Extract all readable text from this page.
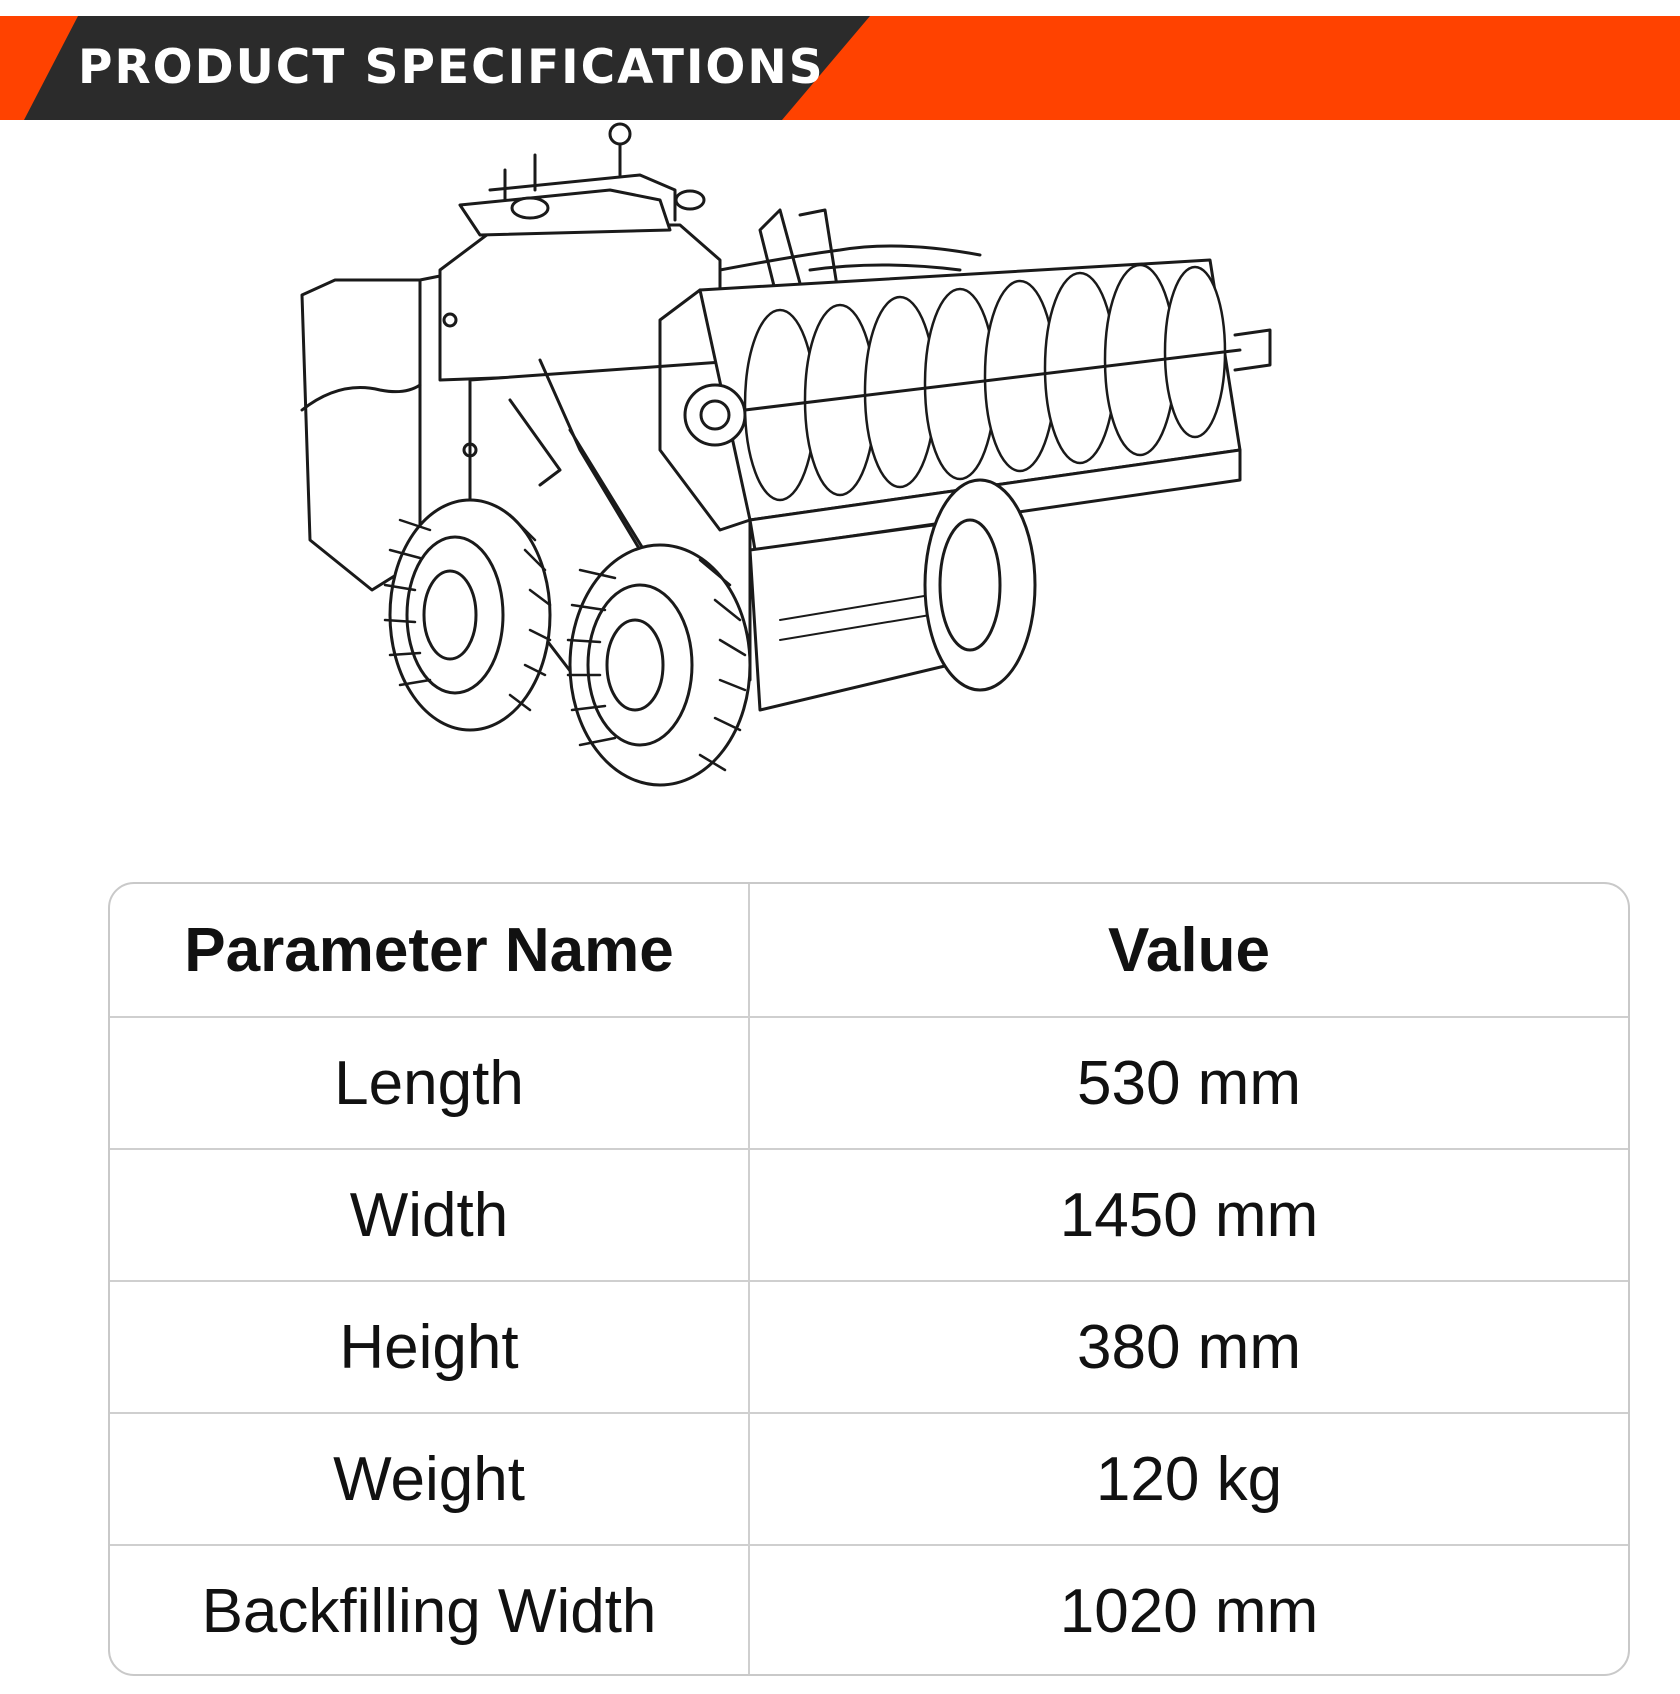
PRODUCT SPECIFICATIONS
Parameter Name	Value
Length	530 mm
Width	1450 mm
Height	380 mm
Weight	120 kg
Backfilling Width	1020 mm
